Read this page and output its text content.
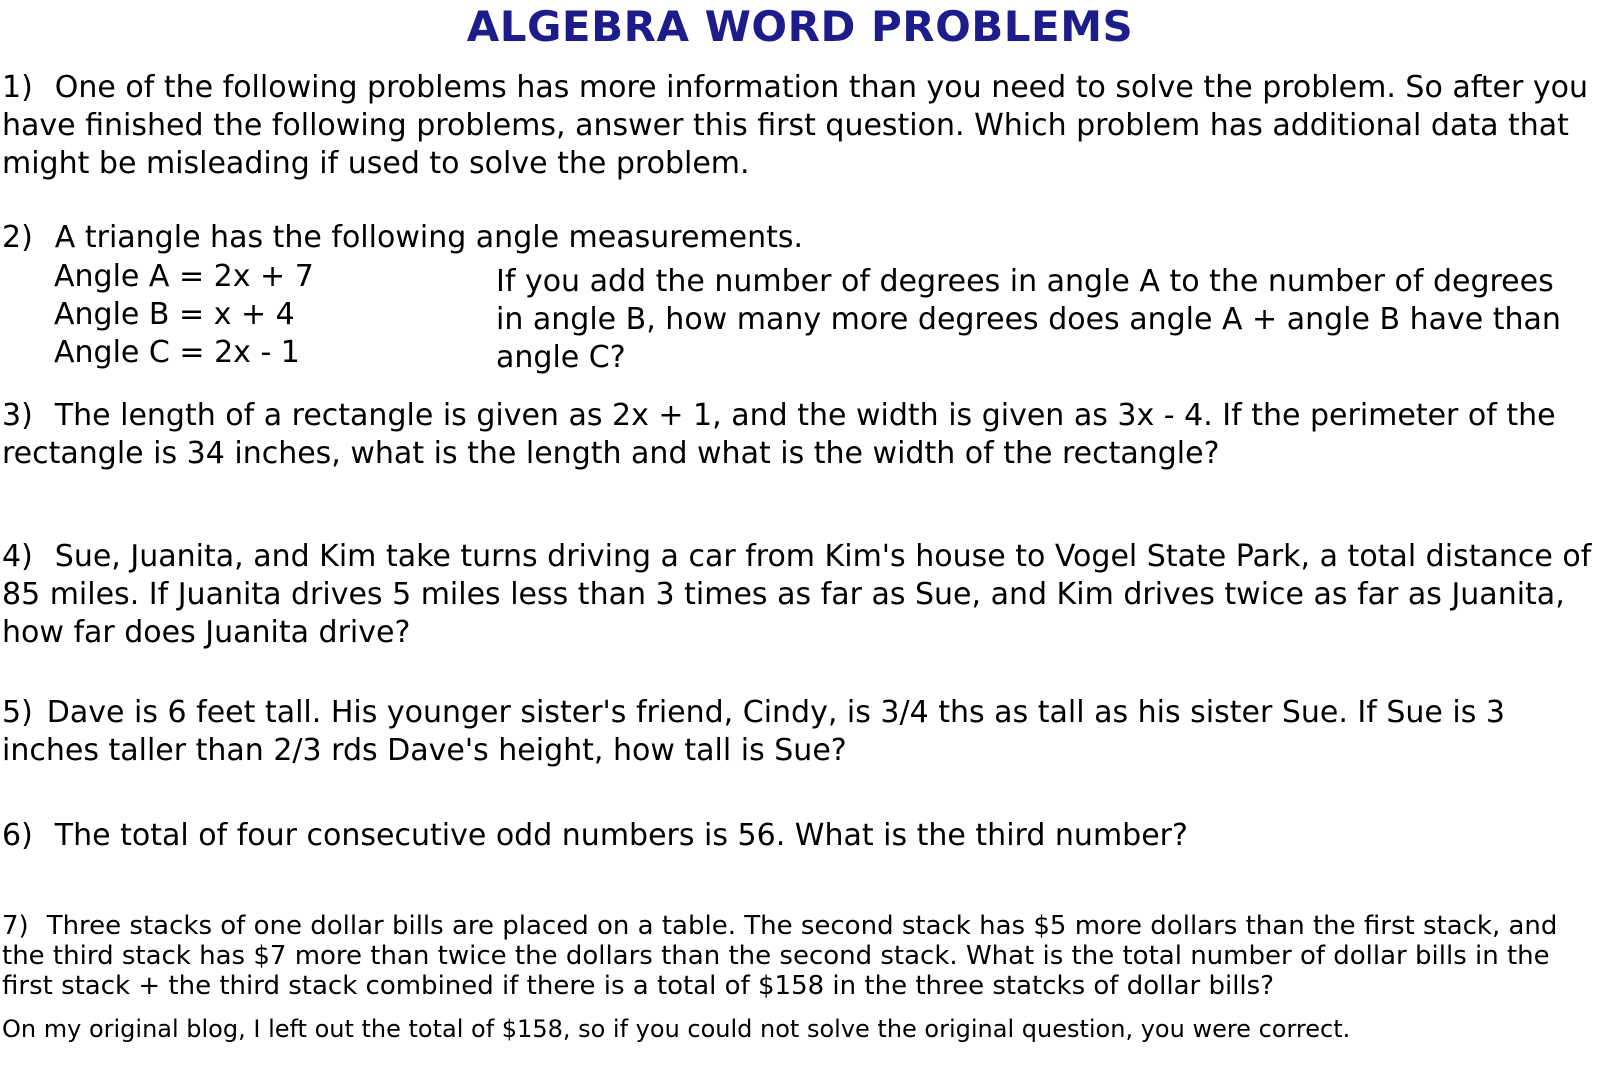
ALGEBRA WORD PROBLEMS

1) One of the following problems has more information than you need to solve the problem. So after you have finished the following problems, answer this first question. Which problem has additional data that might be misleading if used to solve the problem.

2) A triangle has the following angle measurements.

Angle A = 2x + 7
Angle B = x + 4
Angle C = 2x - 1
If you add the number of degrees in angle A to the number of degrees in angle B, how many more degrees does angle A + angle B have than angle C?

3) The length of a rectangle is given as 2x + 1, and the width is given as 3x - 4. If the perimeter of the rectangle is 34 inches, what is the length and what is the width of the rectangle?

4) Sue, Juanita, and Kim take turns driving a car from Kim's house to Vogel State Park, a total distance of 85 miles. If Juanita drives 5 miles less than 3 times as far as Sue, and Kim drives twice as far as Juanita, how far does Juanita drive?

5) Dave is 6 feet tall. His younger sister's friend, Cindy, is 3/4 ths as tall as his sister Sue. If Sue is 3 inches taller than 2/3 rds Dave's height, how tall is Sue?

6) The total of four consecutive odd numbers is 56. What is the third number?

7) Three stacks of one dollar bills are placed on a table. The second stack has $5 more dollars than the first stack, and the third stack has $7 more than twice the dollars than the second stack. What is the total number of dollar bills in the first stack + the third stack combined if there is a total of $158 in the three statcks of dollar bills?

On my original blog, I left out the total of $158, so if you could not solve the original question, you were correct.
